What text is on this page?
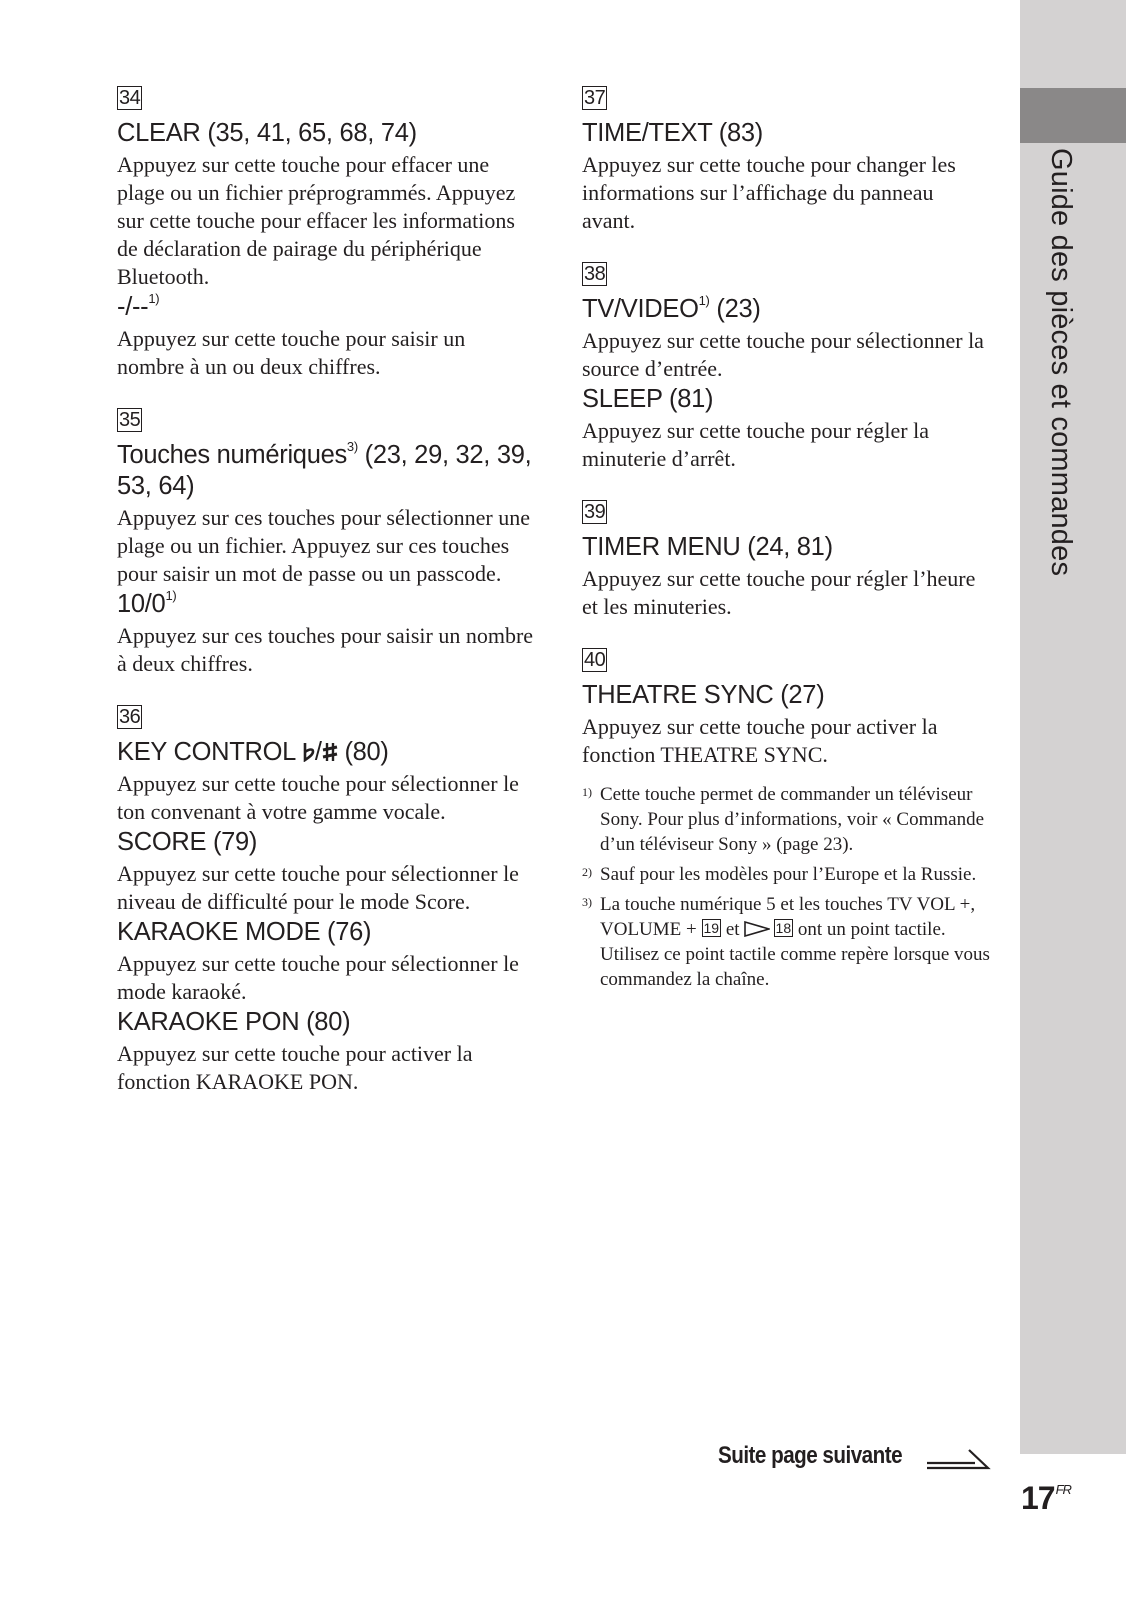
Guide des pièces et commandes
34
CLEAR (35, 41, 65, 68, 74)

Appuyez sur cette touche pour effacer une plage ou un fichier préprogrammés. Appuyez sur cette touche pour effacer les informations de déclaration de pairage du périphérique Bluetooth.

-/--$^{1)}$

Appuyez sur cette touche pour saisir un nombre à un ou deux chiffres.

35
Touches numériques$^{3)}$ (23, 29, 32, 39, 53, 64)

Appuyez sur ces touches pour sélectionner une plage ou un fichier. Appuyez sur ces touches pour saisir un mot de passe ou un passcode.

10/0$^{1)}$

Appuyez sur ces touches pour saisir un nombre à deux chiffres.

36
KEY CONTROL / (80)

Appuyez sur cette touche pour sélectionner le ton convenant à votre gamme vocale.

SCORE (79)

Appuyez sur cette touche pour sélectionner le niveau de difficulté pour le mode Score.

KARAOKE MODE (76)

Appuyez sur cette touche pour sélectionner le mode karaoké.

KARAOKE PON (80)

Appuyez sur cette touche pour activer la fonction KARAOKE PON.

37
TIME/TEXT (83)

Appuyez sur cette touche pour changer les informations sur l’affichage du panneau avant.

38
TV/VIDEO$^{1)}$ (23)

Appuyez sur cette touche pour sélectionner la source d’entrée.

SLEEP (81)

Appuyez sur cette touche pour régler la minuterie d’arrêt.

39
TIMER MENU (24, 81)

Appuyez sur cette touche pour régler l’heure et les minuteries.

40
THEATRE SYNC (27)

Appuyez sur cette touche pour activer la fonction THEATRE SYNC.

1) Cette touche permet de commander un téléviseur Sony. Pour plus d’informations, voir « Commande d’un téléviseur Sony » (page 23).

2) Sauf pour les modèles pour l’Europe et la Russie.

3) La touche numérique 5 et les touches TV VOL +, VOLUME + 19 et	18 ont un point tactile. Utilisez ce point tactile comme repère lorsque vous commandez la chaîne.

Suite page suivante
$17^{FR}$
